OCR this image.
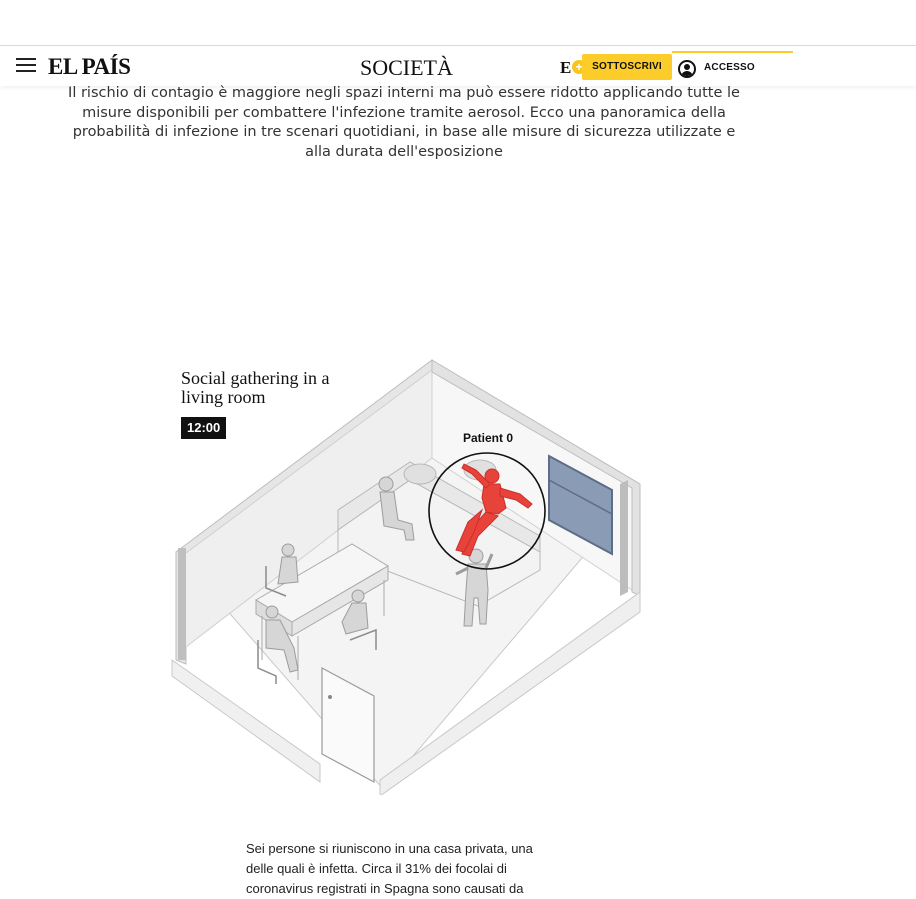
EL PAÍS	SOCIETÀ	E + SOTTOSCRIVI	ACCESSO
Il rischio di contagio è maggiore negli spazi interni ma può essere ridotto applicando tutte le misure disponibili per combattere l'infezione tramite aerosol. Ecco una panoramica della probabilità di infezione in tre scenari quotidiani, in base alle misure di sicurezza utilizzate e alla durata dell'esposizione
Social gathering in a living room
12:00
Patient 0
Sei persone si riuniscono in una casa privata, una delle quali è infetta. Circa il 31% dei focolai di coronavirus registrati in Spagna sono causati da
